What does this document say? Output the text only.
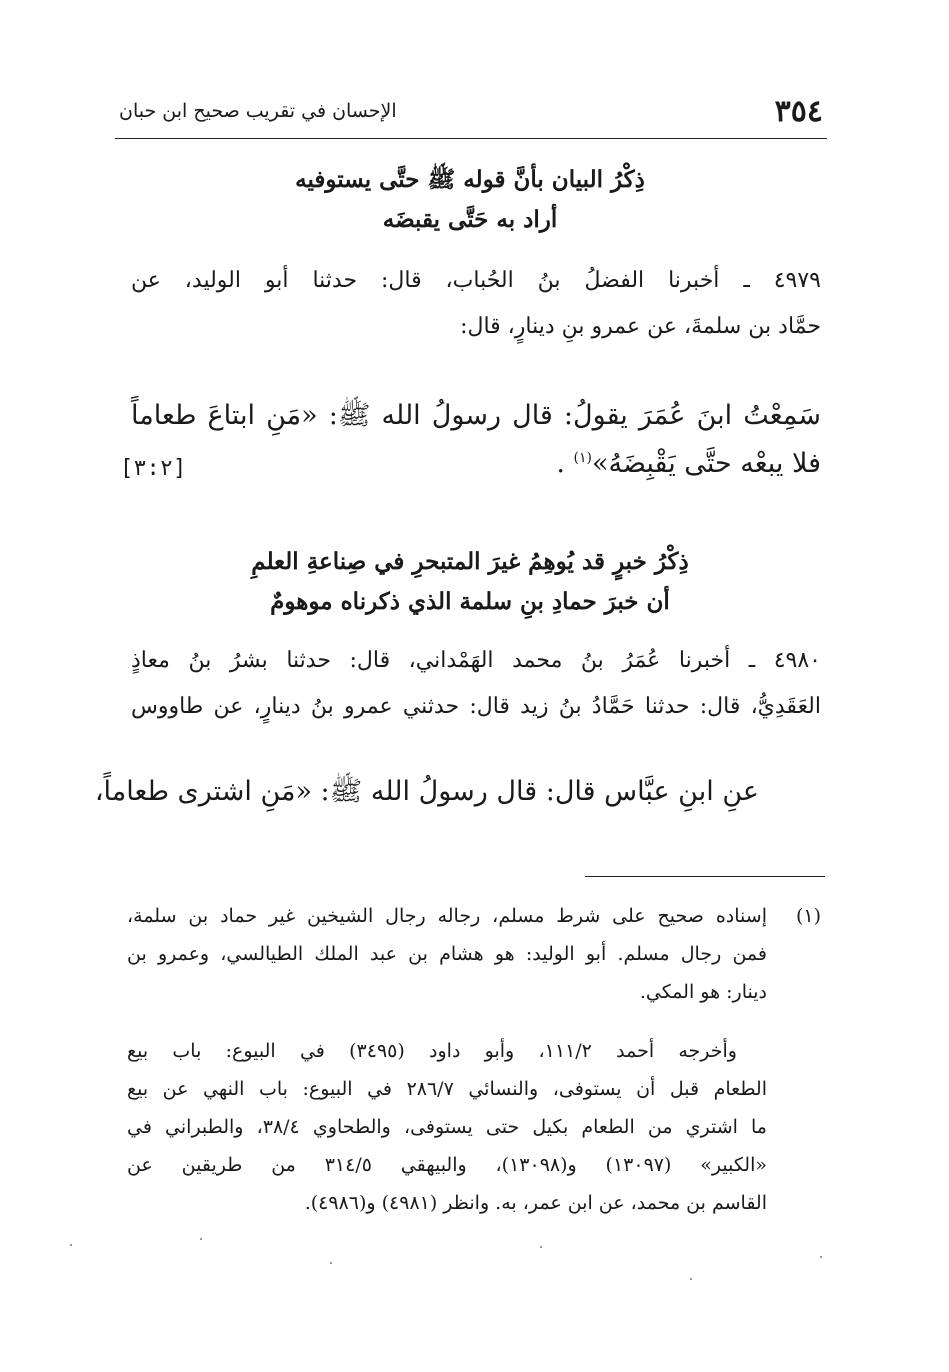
٣٥٤
الإحسان في تقريب صحيح ابن حبان
ذِكْرُ البيان بأنَّ قوله ﷺ حتَّى يستوفيه
أراد به حَتَّى يقبضَه
٤٩٧٩ ـ أخبرنا الفضلُ بنُ الحُباب، قال: حدثنا أبو الوليد، عن
حمَّاد بن سلمةَ، عن عمرو بنِ دينارٍ، قال:
سَمِعْتُ ابنَ عُمَرَ يقولُ: قال رسولُ الله ﷺ: «مَنِ ابتاعَ طعاماً
فلا يبعْه حتَّى يَقْبِضَهُ»$^{(١)}$ .
[٣:٢]
ذِكْرُ خبرٍ قد يُوهِمُ غيرَ المتبحرِ في صِناعةِ العلمِ
أن خبرَ حمادِ بنِ سلمة الذي ذكرناه موهومٌ
٤٩٨٠ ـ أخبرنا عُمَرُ بنُ محمد الهَمْداني، قال: حدثنا بشرُ بنُ معاذٍ
العَقَدِيُّ، قال: حدثنا حَمَّادُ بنُ زيد قال: حدثني عمرو بنُ دينارٍ، عن طاووس
عنِ ابنِ عبَّاس قال: قال رسولُ الله ﷺ: «مَنِ اشترى طعاماً،
(١)
إسناده صحيح على شرط مسلم، رجاله رجال الشيخين غير حماد بن سلمة،
فمن رجال مسلم. أبو الوليد: هو هشام بن عبد الملك الطيالسي، وعمرو بن
دينار: هو المكي.
وأخرجه أحمد ١١١/٢، وأبو داود (٣٤٩٥) في البيوع: باب بيع
الطعام قبل أن يستوفى، والنسائي ٢٨٦/٧ في البيوع: باب النهي عن بيع
ما اشتري من الطعام بكيل حتى يستوفى، والطحاوي ٣٨/٤، والطبراني في
«الكبير» (١٣٠٩٧) و(١٣٠٩٨)، والبيهقي ٣١٤/٥ من طريقين عن
القاسم بن محمد، عن ابن عمر، به. وانظر (٤٩٨١) و(٤٩٨٦).
